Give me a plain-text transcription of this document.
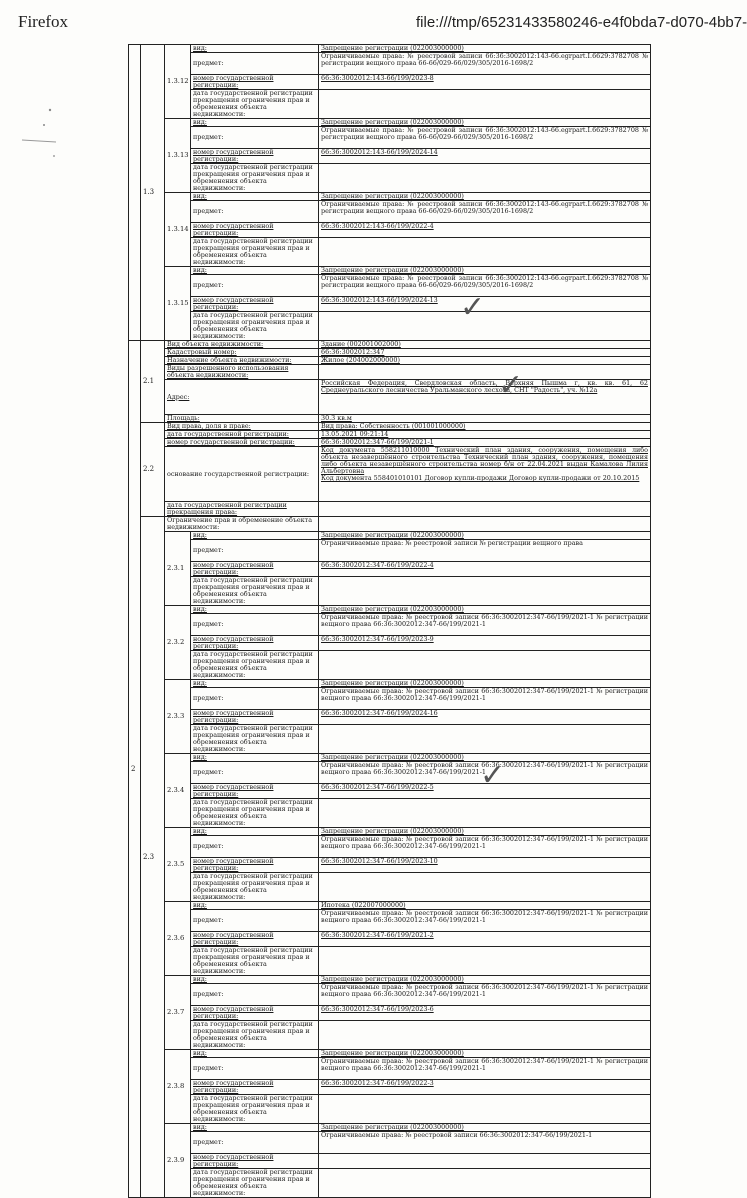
Firefox	file:///tmp/65231433580246-e4f0bda7-d070-4bb7-
	1.3	1.3.12	вид:	Запрещение регистрации (022003000000)
			предмет:	Ограничиваемые права: № реестровой записи 66:36:3002012:143-66.egrpart.I.6629:3782708 № регистрации вещного права 66-66/029-66/029/305/2016-1698/2
			номер государственной регистрации:	66:36:3002012:143-66/199/2023-8
			дата государственной регистрации прекращения ограничения прав и обременения объекта недвижимости:	
		1.3.13	вид:	Запрещение регистрации (022003000000)
			предмет:	Ограничиваемые права: № реестровой записи 66:36:3002012:143-66.egrpart.I.6629:3782708 № регистрации вещного права 66-66/029-66/029/305/2016-1698/2
			номер государственной регистрации:	66:36:3002012:143-66/199/2024-14
			дата государственной регистрации прекращения ограничения прав и обременения объекта недвижимости:	
		1.3.14	вид:	Запрещение регистрации (022003000000)
			предмет:	Ограничиваемые права: № реестровой записи 66:36:3002012:143-66.egrpart.I.6629:3782708 № регистрации вещного права 66-66/029-66/029/305/2016-1698/2
			номер государственной регистрации:	66:36:3002012:143-66/199/2022-4
			дата государственной регистрации прекращения ограничения прав и обременения объекта недвижимости:	
		1.3.15	вид:	Запрещение регистрации (022003000000)
			предмет:	Ограничиваемые права: № реестровой записи 66:36:3002012:143-66.egrpart.I.6629:3782708 № регистрации вещного права 66-66/029-66/029/305/2016-1698/2
			номер государственной регистрации:	66:36:3002012:143-66/199/2024-13
			дата государственной регистрации прекращения ограничения прав и обременения объекта недвижимости:	
2	2.1	Вид объекта недвижимости:		Здание (002001002000)
		Кадастровый номер:		66:36:3002012:347
		Назначение объекта недвижимости:		Жилое (204002000000)
		Виды разрешенного использования объекта недвижимости:		
		Адрес:		Российская Федерация, Свердловская область, Верхняя Пышма г, кв. кв. 61, 62 Среднеуральского лесничества Уральманского лесхоза, СНТ "Радость", уч. №12а
		Площадь:		30.3 кв.м
	2.2	Вид права, доля в праве:		Вид права: Собственность (001001000000)
		дата государственной регистрации:		13.05.2021 09:21:14
		номер государственной регистрации:		66:36:3002012:347-66/199/2021-1
		основание государственной регистрации:		Код документа 558211010000 Технический план здания, сооружения, помещения либо объекта незавершённого строительства Технический план здания, сооружения, помещения либо объекта незавершённого строительства номер б/н от 22.04.2021 выдан Камалова Лилия Альбертовна
Код документа 558401010101 Договор купли-продажи Договор купли-продажи от 20.10.2015
		дата государственной регистрации прекращения права:		
	2.3	Ограничение прав и обременение объекта недвижимости:		
		2.3.1	вид:	Запрещение регистрации (022003000000)
			предмет:	Ограничиваемые права: № реестровой записи № регистрации вещного права
			номер государственной регистрации:	66:36:3002012:347-66/199/2022-4
			дата государственной регистрации прекращения ограничения прав и обременения объекта недвижимости:	
		2.3.2	вид:	Запрещение регистрации (022003000000)
			предмет:	Ограничиваемые права: № реестровой записи 66:36:3002012:347-66/199/2021-1 № регистрации вещного права 66:36:3002012:347-66/199/2021-1
			номер государственной регистрации:	66:36:3002012:347-66/199/2023-9
			дата государственной регистрации прекращения ограничения прав и обременения объекта недвижимости:	
		2.3.3	вид:	Запрещение регистрации (022003000000)
			предмет:	Ограничиваемые права: № реестровой записи 66:36:3002012:347-66/199/2021-1 № регистрации вещного права 66:36:3002012:347-66/199/2021-1
			номер государственной регистрации:	66:36:3002012:347-66/199/2024-16
			дата государственной регистрации прекращения ограничения прав и обременения объекта недвижимости:	
		2.3.4	вид:	Запрещение регистрации (022003000000)
			предмет:	Ограничиваемые права: № реестровой записи 66:36:3002012:347-66/199/2021-1 № регистрации вещного права 66:36:3002012:347-66/199/2021-1
			номер государственной регистрации:	66:36:3002012:347-66/199/2022-5
			дата государственной регистрации прекращения ограничения прав и обременения объекта недвижимости:	
		2.3.5	вид:	Запрещение регистрации (022003000000)
			предмет:	Ограничиваемые права: № реестровой записи 66:36:3002012:347-66/199/2021-1 № регистрации вещного права 66:36:3002012:347-66/199/2021-1
			номер государственной регистрации:	66:36:3002012:347-66/199/2023-10
			дата государственной регистрации прекращения ограничения прав и обременения объекта недвижимости:	
		2.3.6	вид:	Ипотека (022007000000)
			предмет:	Ограничиваемые права: № реестровой записи 66:36:3002012:347-66/199/2021-1 № регистрации вещного права 66:36:3002012:347-66/199/2021-1
			номер государственной регистрации:	66:36:3002012:347-66/199/2021-2
			дата государственной регистрации прекращения ограничения прав и обременения объекта недвижимости:	
		2.3.7	вид:	Запрещение регистрации (022003000000)
			предмет:	Ограничиваемые права: № реестровой записи 66:36:3002012:347-66/199/2021-1 № регистрации вещного права 66:36:3002012:347-66/199/2021-1
			номер государственной регистрации:	66:36:3002012:347-66/199/2023-6
			дата государственной регистрации прекращения ограничения прав и обременения объекта недвижимости:	
		2.3.8	вид:	Запрещение регистрации (022003000000)
			предмет:	Ограничиваемые права: № реестровой записи 66:36:3002012:347-66/199/2021-1 № регистрации вещного права 66:36:3002012:347-66/199/2021-1
			номер государственной регистрации:	66:36:3002012:347-66/199/2022-3
			дата государственной регистрации прекращения ограничения прав и обременения объекта недвижимости:	
		2.3.9	вид:	Запрещение регистрации (022003000000)
			предмет:	Ограничиваемые права: № реестровой записи 66:36:3002012:347-66/199/2021-1
			номер государственной регистрации:	
			дата государственной регистрации прекращения ограничения прав и обременения объекта недвижимости:	
✓
✓
✓
